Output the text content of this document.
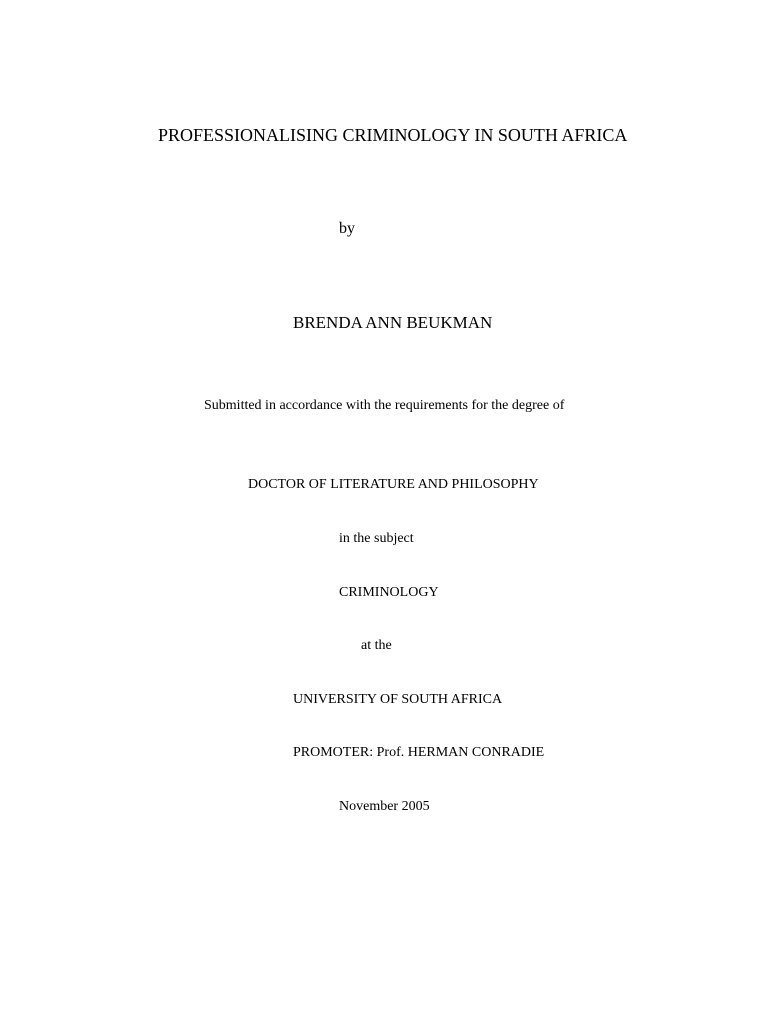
PROFESSIONALISING CRIMINOLOGY IN SOUTH AFRICA
by
BRENDA ANN BEUKMAN
Submitted in accordance with the requirements for the degree of
DOCTOR OF LITERATURE AND PHILOSOPHY
in the subject
CRIMINOLOGY
at the
UNIVERSITY OF SOUTH AFRICA
PROMOTER: Prof. HERMAN CONRADIE
November 2005
